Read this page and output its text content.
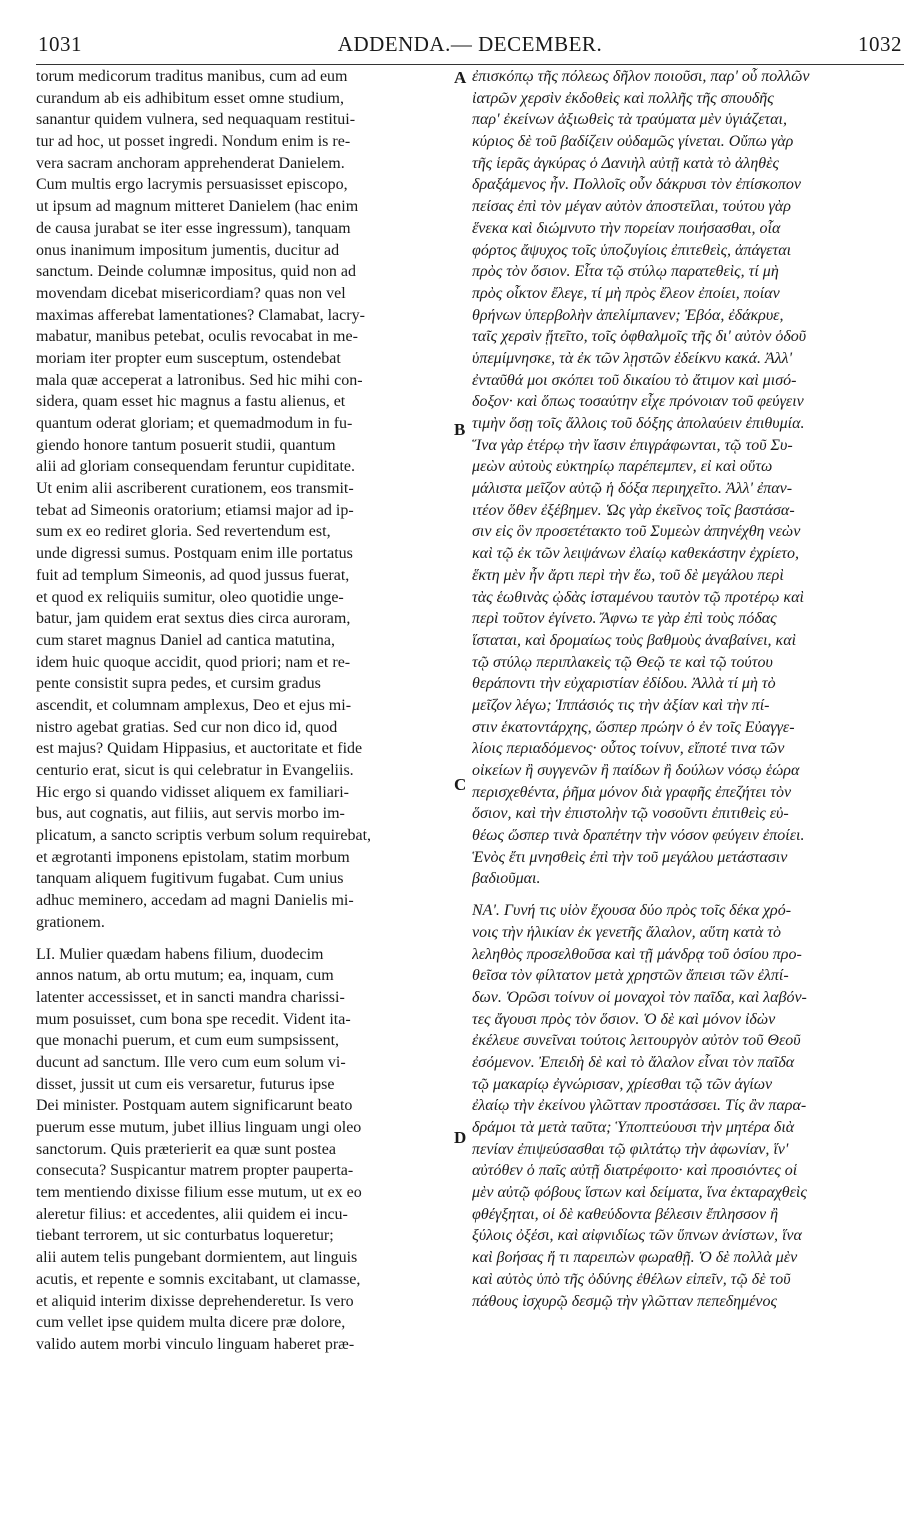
1031	ADDENDA.— DECEMBER.	1032
torum medicorum traditus manibus, cum ad eum
curandum ab eis adhibitum esset omne studium,
sanantur quidem vulnera, sed nequaquam restitui-
tur ad hoc, ut posset ingredi. Nondum enim is re-
vera sacram anchoram apprehenderat Danielem.
Cum multis ergo lacrymis persuasisset episcopo,
ut ipsum ad magnum mitteret Danielem (hac enim
de causa jurabat se iter esse ingressum), tanquam
onus inanimum impositum jumentis, ducitur ad
sanctum. Deinde columnæ impositus, quid non ad
movendam dicebat misericordiam? quas non vel
maximas afferebat lamentationes? Clamabat, lacry-
mabatur, manibus petebat, oculis revocabat in me-
moriam iter propter eum susceptum, ostendebat
mala quæ acceperat a latronibus. Sed hic mihi con-
sidera, quam esset hic magnus a fastu alienus, et
quantum oderat gloriam; et quemadmodum in fu-
giendo honore tantum posuerit studii, quantum
alii ad gloriam consequendam feruntur cupiditate.
Ut enim alii ascriberent curationem, eos transmit-
tebat ad Simeonis oratorium; etiamsi major ad ip-
sum ex eo rediret gloria. Sed revertendum est,
unde digressi sumus. Postquam enim ille portatus
fuit ad templum Simeonis, ad quod jussus fuerat,
et quod ex reliquiis sumitur, oleo quotidie unge-
batur, jam quidem erat sextus dies circa auroram,
cum staret magnus Daniel ad cantica matutina,
idem huic quoque accidit, quod priori; nam et re-
pente consistit supra pedes, et cursim gradus
ascendit, et columnam amplexus, Deo et ejus mi-
nistro agebat gratias. Sed cur non dico id, quod
est majus? Quidam Hippasius, et auctoritate et fide
centurio erat, sicut is qui celebratur in Evangeliis.
Hic ergo si quando vidisset aliquem ex familiari-
bus, aut cognatis, aut filiis, aut servis morbo im-
plicatum, a sancto scriptis verbum solum requirebat,
et ægrotanti imponens epistolam, statim morbum
tanquam aliquem fugitivum fugabat. Cum unius
adhuc meminero, accedam ad magni Danielis mi-
grationem.
LI. Mulier quædam habens filium, duodecim
annos natum, ab ortu mutum; ea, inquam, cum
latenter accessisset, et in sancti mandra charissi-
mum posuisset, cum bona spe recedit. Vident ita-
que monachi puerum, et cum eum sumpsissent,
ducunt ad sanctum. Ille vero cum eum solum vi-
disset, jussit ut cum eis versaretur, futurus ipse
Dei minister. Postquam autem significarunt beato
puerum esse mutum, jubet illius linguam ungi oleo
sanctorum. Quis præterierit ea quæ sunt postea
consecuta? Suspicantur matrem propter pauperta-
tem mentiendo dixisse filium esse mutum, ut ex eo
aleretur filius: et accedentes, alii quidem ei incu-
tiebant terrorem, ut sic conturbatus loqueretur;
alii autem telis pungebant dormientem, aut linguis
acutis, et repente e somnis excitabant, ut clamasse,
et aliquid interim dixisse deprehenderetur. Is vero
cum vellet ipse quidem multa dicere præ dolore,
valido autem morbi vinculo linguam haberet præ-
ἐπισκόπῳ τῆς πόλεως δῆλον ποιοῦσι, παρ' οὗ πολλῶν
ἰατρῶν χερσὶν ἐκδοθεὶς καὶ πολλῆς τῆς σπουδῆς
παρ' ἐκείνων ἀξιωθεὶς τὰ τραύματα μὲν ὑγιάζεται,
κύριος δὲ τοῦ βαδίζειν οὐδαμῶς γίνεται. Οὔπω γὰρ
τῆς ἱερᾶς ἀγκύρας ὁ Δανιὴλ αὐτῇ κατὰ τὸ ἀληθὲς
δραξάμενος ἦν. Πολλοῖς οὖν δάκρυσι τὸν ἐπίσκοπον
πείσας ἐπὶ τὸν μέγαν αὐτὸν ἀποστεῖλαι, τούτου γὰρ
ἕνεκα καὶ διώμνυτο τὴν πορείαν ποιήσασθαι, οἷα
φόρτος ἄψυχος τοῖς ὑποζυγίοις ἐπιτεθεὶς, ἀπάγεται
πρὸς τὸν ὅσιον. Εἶτα τῷ στύλῳ παρατεθεὶς, τί μὴ
πρὸς οἶκτον ἔλεγε, τί μὴ πρὸς ἔλεον ἐποίει, ποίαν
θρήνων ὑπερβολὴν ἀπελίμπανεν; Ἐβόα, ἐδάκρυε,
ταῖς χερσὶν ᾔτεῖτο, τοῖς ὀφθαλμοῖς τῆς δι' αὐτὸν ὁδοῦ
ὑπεμίμνησκε, τὰ ἐκ τῶν λῃστῶν ἐδείκνυ κακά. Ἀλλ'
ἐνταῦθά μοι σκόπει τοῦ δικαίου τὸ ἄτιμον καὶ μισό-
δοξον· καὶ ὅπως τοσαύτην εἶχε πρόνοιαν τοῦ φεύγειν
τιμὴν ὅσῃ τοῖς ἄλλοις τοῦ δόξης ἀπολαύειν ἐπιθυμία.
Ἵνα γὰρ ἑτέρῳ τὴν ἴασιν ἐπιγράφωνται, τῷ τοῦ Συ-
μεὼν αὐτοὺς εὐκτηρίῳ παρέπεμπεν, εἰ καὶ οὕτω
μάλιστα μεῖζον αὐτῷ ἡ δόξα περιηχεῖτο. Ἀλλ' ἐπαν-
ιτέον ὅθεν ἐξέβημεν. Ὡς γὰρ ἐκεῖνος τοῖς βαστάσα-
σιν εἰς ὃν προσετέτακτο τοῦ Συμεὼν ἀπηνέχθη νεὼν
καὶ τῷ ἐκ τῶν λειψάνων ἐλαίῳ καθεκάστην ἐχρίετο,
ἕκτη μὲν ἦν ἄρτι περὶ τὴν ἕω, τοῦ δὲ μεγάλου περὶ
τὰς ἑωθινὰς ᾠδὰς ἱσταμένου ταυτὸν τῷ προτέρῳ καὶ
περὶ τοῦτον ἐγίνετο. Ἄφνω τε γὰρ ἐπὶ τοὺς πόδας
ἵσταται, καὶ δρομαίως τοὺς βαθμοὺς ἀναβαίνει, καὶ
τῷ στύλῳ περιπλακεὶς τῷ Θεῷ τε καὶ τῷ τούτου
θεράποντι τὴν εὐχαριστίαν ἐδίδου. Ἀλλὰ τί μὴ τὸ
μεῖζον λέγω; Ἱππάσιός τις τὴν ἀξίαν καὶ τὴν πί-
στιν ἑκατοντάρχης, ὥσπερ πρώην ὁ ἐν τοῖς Εὐαγγε-
λίοις περιαδόμενος· οὗτος τοίνυν, εἴποτέ τινα τῶν
οἰκείων ἢ συγγενῶν ἢ παίδων ἢ δούλων νόσῳ ἑώρα
περισχεθέντα, ῥῆμα μόνον διὰ γραφῆς ἐπεζήτει τὸν
ὅσιον, καὶ τὴν ἐπιστολὴν τῷ νοσοῦντι ἐπιτιθεὶς εὐ-
θέως ὥσπερ τινὰ δραπέτην τὴν νόσον φεύγειν ἐποίει.
Ἑνὸς ἔτι μνησθεὶς ἐπὶ τὴν τοῦ μεγάλου μετάστασιν
βαδιοῦμαι.
ΝΑ'. Γυνή τις υἱὸν ἔχουσα δύο πρὸς τοῖς δέκα χρό-
νοις τὴν ἡλικίαν ἐκ γενετῆς ἄλαλον, αὕτη κατὰ τὸ
λεληθὸς προσελθοῦσα καὶ τῇ μάνδρᾳ τοῦ ὁσίου προ-
θεῖσα τὸν φίλτατον μετὰ χρηστῶν ἄπεισι τῶν ἐλπί-
δων. Ὁρῶσι τοίνυν οἱ μοναχοὶ τὸν παῖδα, καὶ λαβόν-
τες ἄγουσι πρὸς τὸν ὅσιον. Ὁ δὲ καὶ μόνον ἰδὼν
ἐκέλευε συνεῖναι τούτοις λειτουργὸν αὐτὸν τοῦ Θεοῦ
ἐσόμενον. Ἐπειδὴ δὲ καὶ τὸ ἄλαλον εἶναι τὸν παῖδα
τῷ μακαρίῳ ἐγνώρισαν, χρίεσθαι τῷ τῶν ἁγίων
ἐλαίῳ τὴν ἐκείνου γλῶτταν προστάσσει. Τίς ἂν παρα-
δράμοι τὰ μετὰ ταῦτα; Ὑποπτεύουσι τὴν μητέρα διὰ
πενίαν ἐπιψεύσασθαι τῷ φιλτάτῳ τὴν ἀφωνίαν, ἵν'
αὐτόθεν ὁ παῖς αὐτῇ διατρέφοιτο· καὶ προσιόντες οἱ
μὲν αὐτῷ φόβους ἵστων καὶ δείματα, ἵνα ἐκταραχθεὶς
φθέγξηται, οἱ δὲ καθεύδοντα βέλεσιν ἔπλησσον ἢ
ξύλοις ὀξέσι, καὶ αἰφνιδίως τῶν ὕπνων ἀνίστων, ἵνα
καὶ βοήσας ἤ τι παρειπὼν φωραθῇ. Ὁ δὲ πολλὰ μὲν
καὶ αὐτὸς ὑπὸ τῆς ὀδύνης ἐθέλων εἰπεῖν, τῷ δὲ τοῦ
πάθους ἰσχυρῷ δεσμῷ τὴν γλῶτταν πεπεδημένος
A
B
C
D
